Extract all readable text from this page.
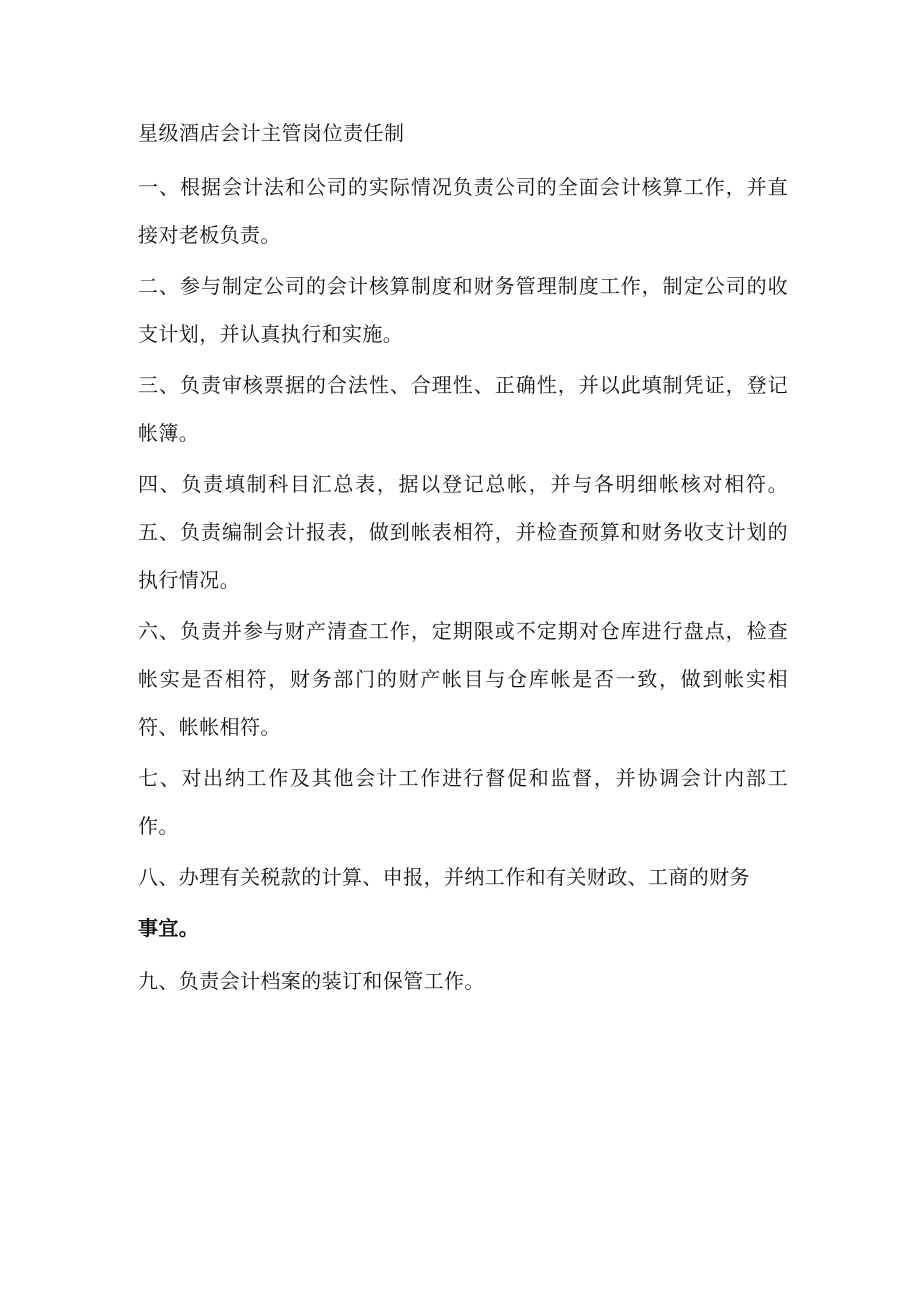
星级酒店会计主管岗位责任制
一、根据会计法和公司的实际情况负责公司的全面会计核算工作，并直接对老板负责。
二、参与制定公司的会计核算制度和财务管理制度工作，制定公司的收支计划，并认真执行和实施。
三、负责审核票据的合法性、合理性、正确性，并以此填制凭证，登记帐簿。
四、负责填制科目汇总表，据以登记总帐，并与各明细帐核对相符。五、负责编制会计报表，做到帐表相符，并检查预算和财务收支计划的执行情况。
六、负责并参与财产清查工作，定期限或不定期对仓库进行盘点，检查帐实是否相符，财务部门的财产帐目与仓库帐是否一致，做到帐实相符、帐帐相符。
七、对出纳工作及其他会计工作进行督促和监督，并协调会计内部工作。
八、办理有关税款的计算、申报，并纳工作和有关财政、工商的财务
事宜。
九、负责会计档案的装订和保管工作。
